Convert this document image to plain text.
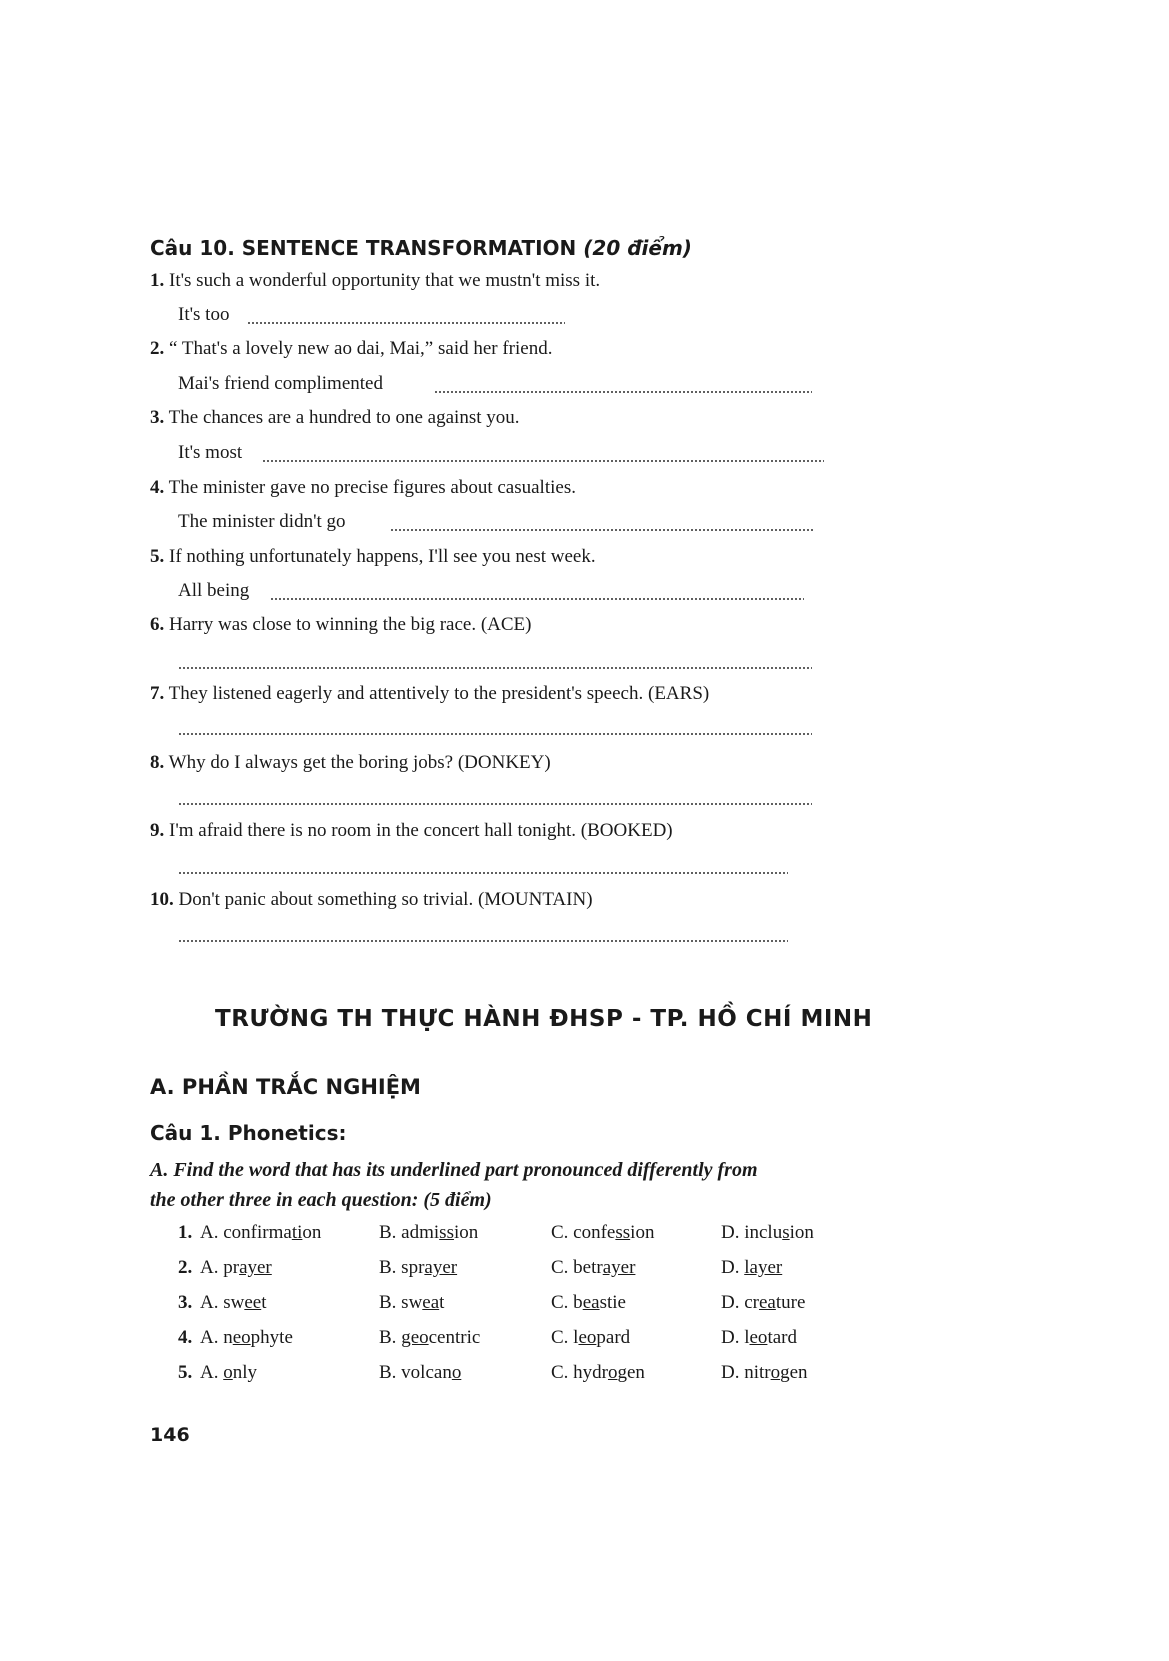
Câu 10. SENTENCE TRANSFORMATION (20 điểm)
1. It's such a wonderful opportunity that we mustn't miss it.
It's too
2. “ That's a lovely new ao dai, Mai,” said her friend.
Mai's friend complimented
3. The chances are a hundred to one against you.
It's most
4. The minister gave no precise figures about casualties.
The minister didn't go
5. If nothing unfortunately happens, I'll see you nest week.
All being
6. Harry was close to winning the big race. (ACE)
7. They listened eagerly and attentively to the president's speech. (EARS)
8. Why do I always get the boring jobs? (DONKEY)
9. I'm afraid there is no room in the concert hall tonight. (BOOKED)
10. Don't panic about something so trivial. (MOUNTAIN)
TRƯỜNG TH THỰC HÀNH ĐHSP - TP. HỒ CHÍ MINH
A. PHẦN TRẮC NGHIỆM
Câu 1. Phonetics:
A. Find the word that has its underlined part pronounced differently from
the other three in each question: (5 điểm)
1. A. confirmation	B. admission	C. confession	D. inclusion
2. A. prayer	B. sprayer	C. betrayer	D. layer
3. A. sweet	B. sweat	C. beastie	D. creature
4. A. neophyte	B. geocentric	C. leopard	D. leotard
5. A. only	B. volcano	C. hydrogen	D. nitrogen
146
